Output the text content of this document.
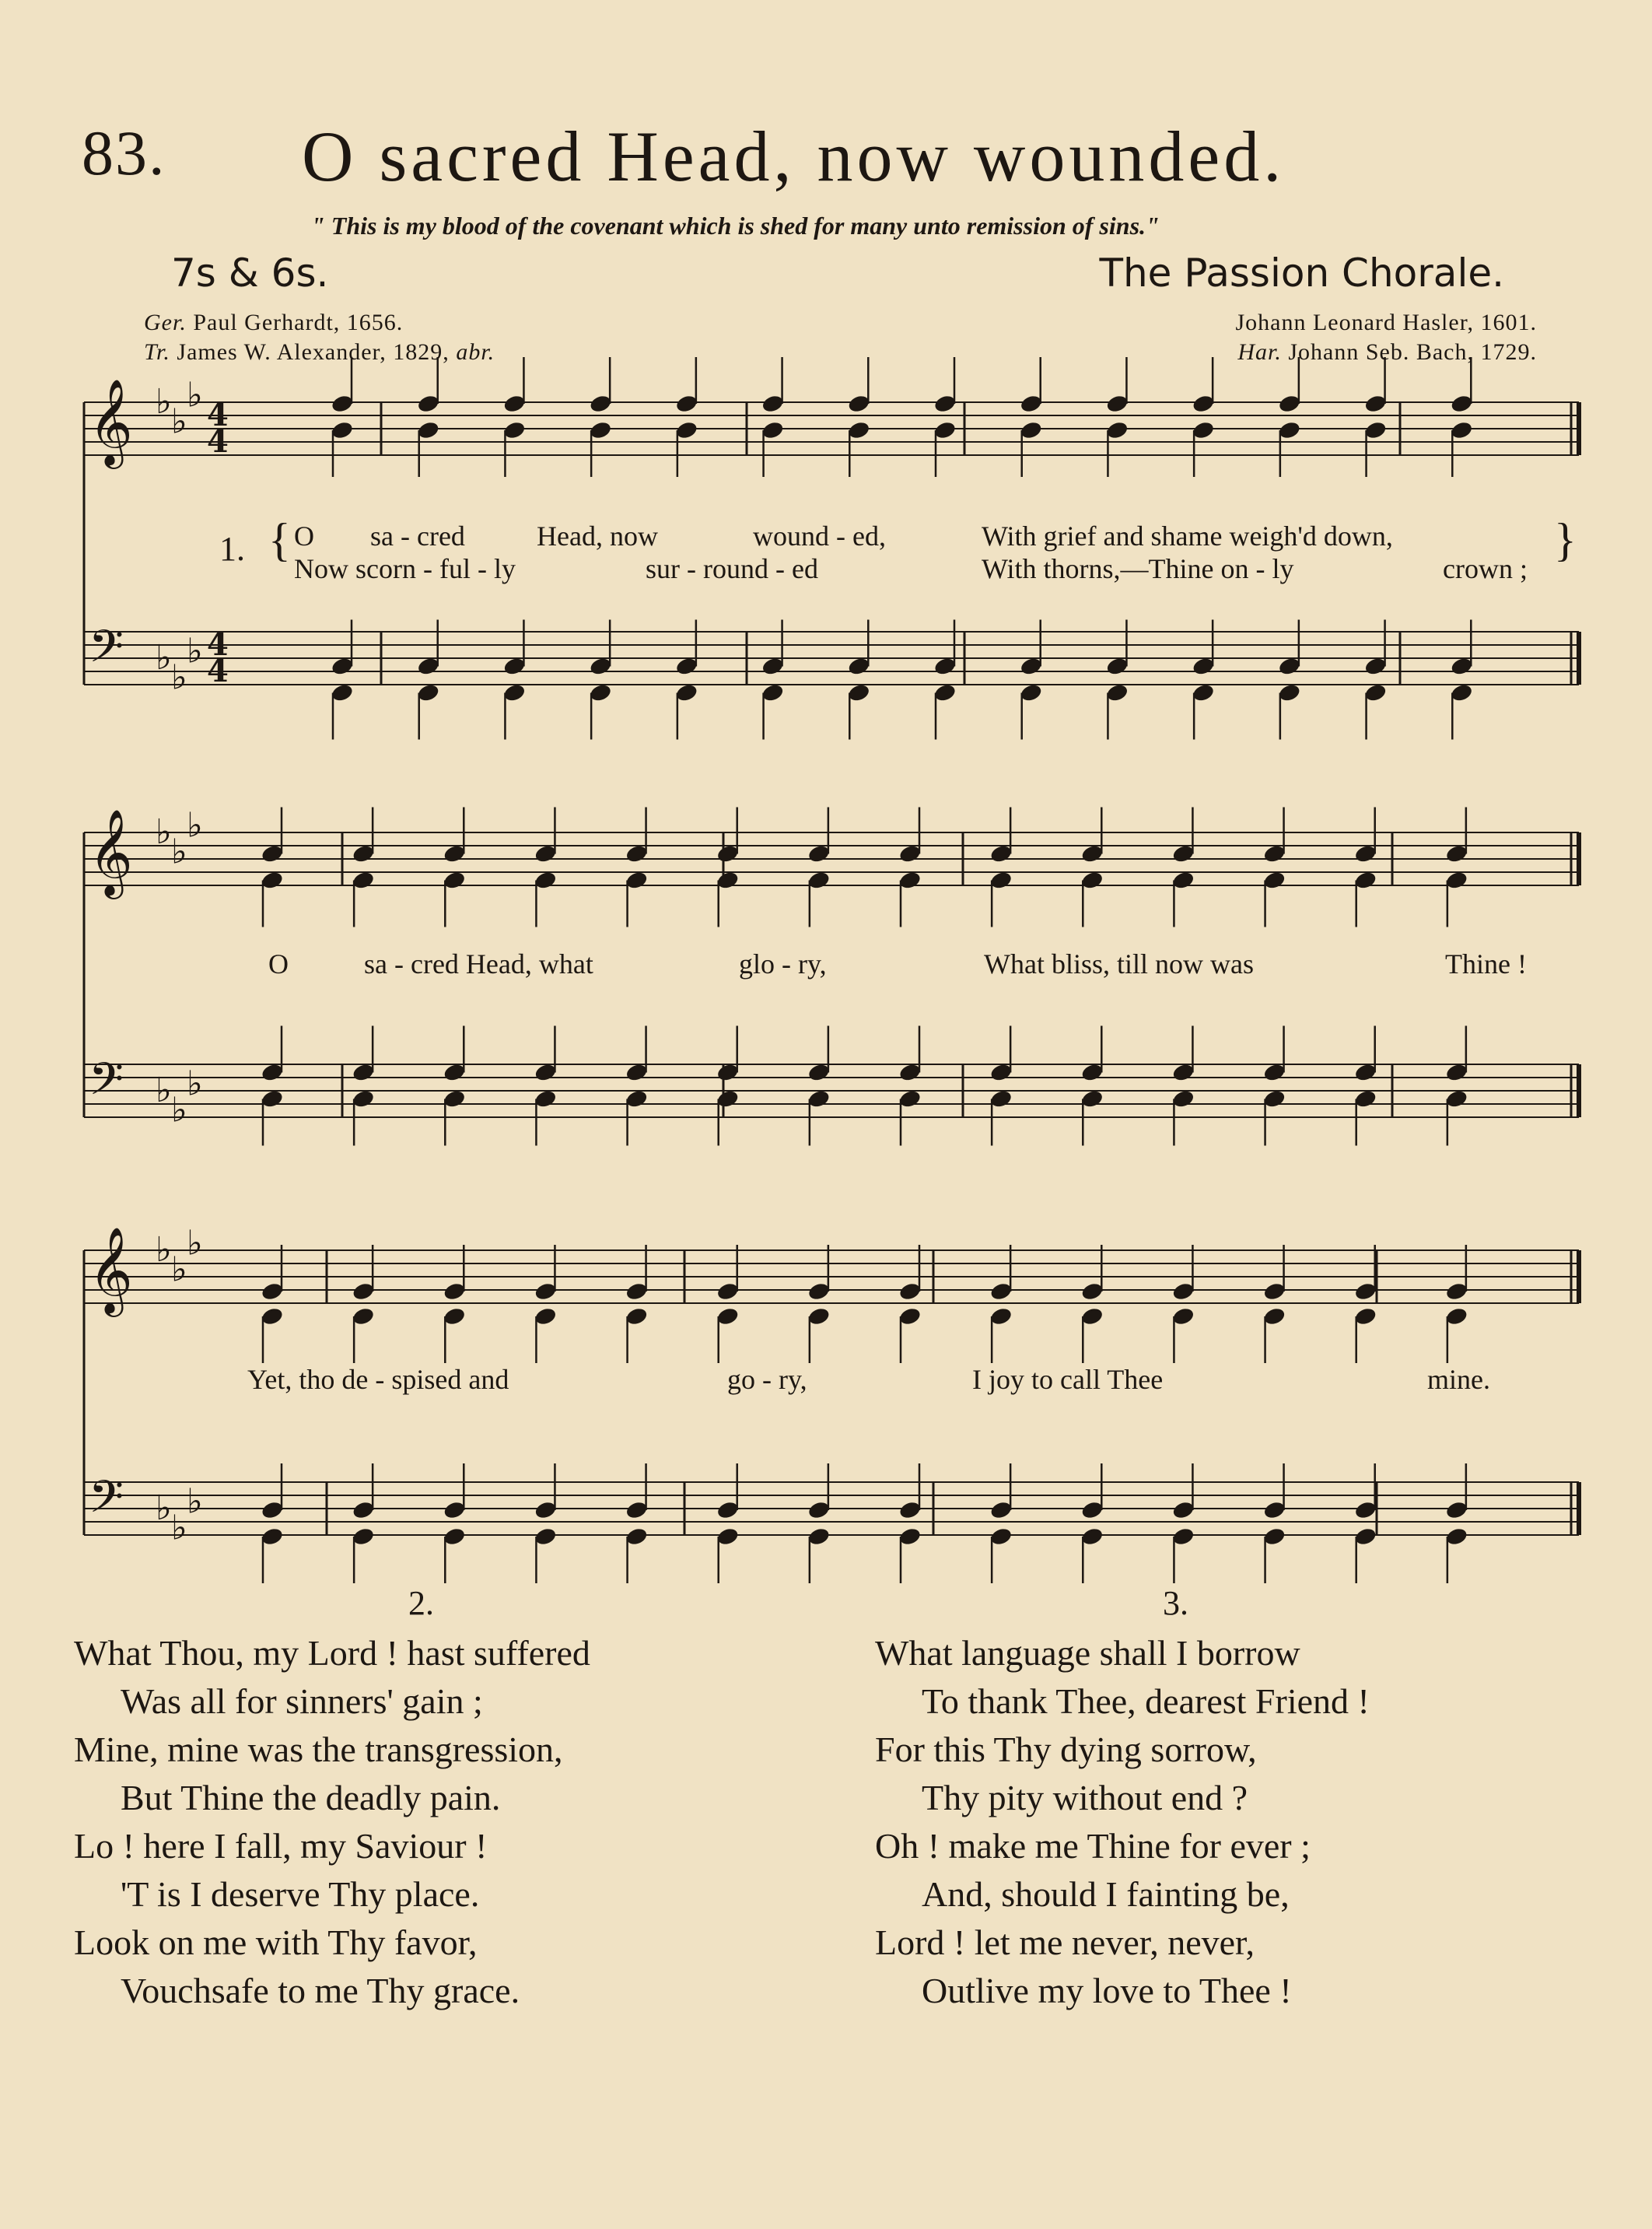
83. O sacred Head, now wounded.
" This is my blood of the covenant which is shed for many unto remission of sins."
7s & 6s.	The Passion Chorale.
Ger. Paul Gerhardt, 1656.
Tr. James W. Alexander, 1829, abr.
Johann Leonard Hasler, 1601.
Har. Johann Seb. Bach, 1729.
𝄞 ♭ ♭
♭ 4
4
𝄢 ♭ ♭
♭ 4
4
𝄞 ♭ ♭
♭
𝄢 ♭ ♭
♭
𝄞 ♭ ♭
♭
𝄢 ♭ ♭
♭
1. { O sa - cred	Head, now	wound - ed,	With grief and shame weigh'd down,	}
Now scorn - ful - ly	sur - round - ed	With thorns,—Thine on - ly	crown ;
O	sa - cred Head, what	glo - ry,	What bliss, till now was	Thine !
Yet, tho de - spised and	go - ry,	I joy to call Thee	mine.
2.
What Thou, my Lord ! hast suffered
Was all for sinners' gain ;
Mine, mine was the transgression,
But Thine the deadly pain.
Lo ! here I fall, my Saviour !
'T is I deserve Thy place.
Look on me with Thy favor,
Vouchsafe to me Thy grace.
3.
What language shall I borrow
To thank Thee, dearest Friend !
For this Thy dying sorrow,
Thy pity without end ?
Oh ! make me Thine for ever ;
And, should I fainting be,
Lord ! let me never, never,
Outlive my love to Thee !
